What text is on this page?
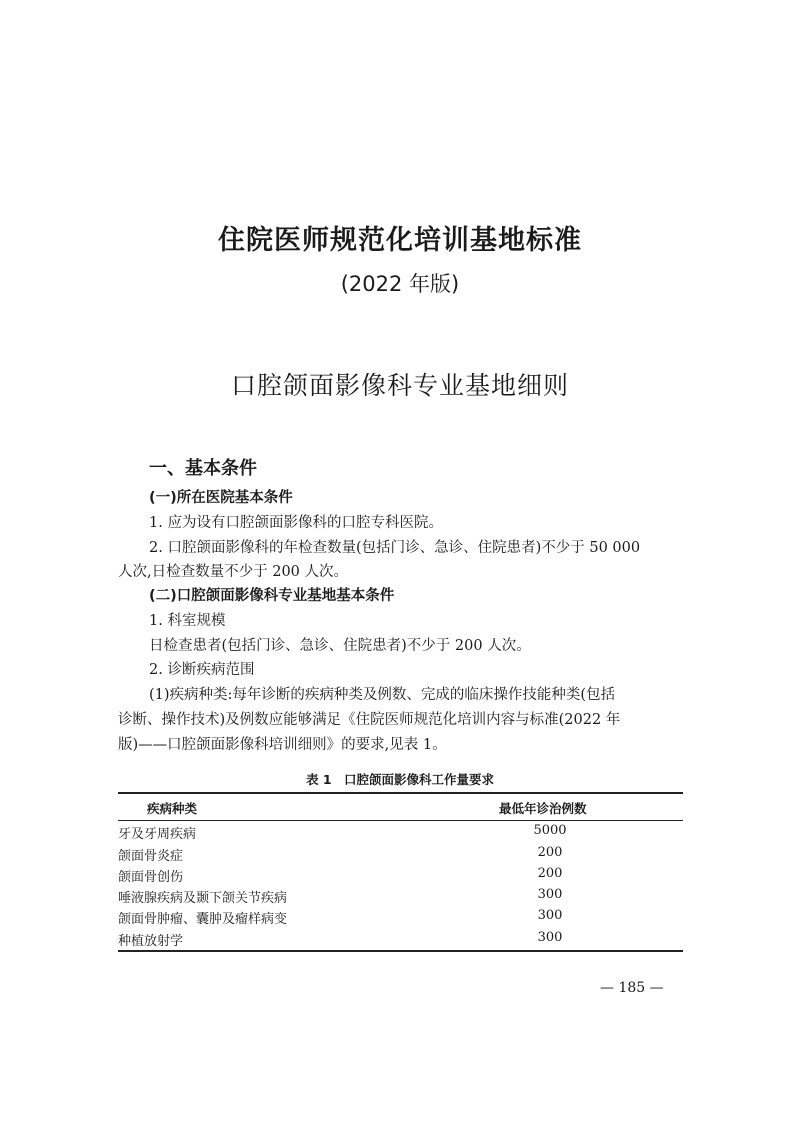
住院医师规范化培训基地标准
(2022 年版)
口腔颌面影像科专业基地细则
一、基本条件
(一)所在医院基本条件
1. 应为设有口腔颌面影像科的口腔专科医院。
2. 口腔颌面影像科的年检查数量(包括门诊、急诊、住院患者)不少于 50 000
人次,日检查数量不少于 200 人次。
(二)口腔颌面影像科专业基地基本条件
1. 科室规模
日检查患者(包括门诊、急诊、住院患者)不少于 200 人次。
2. 诊断疾病范围
(1)疾病种类:每年诊断的疾病种类及例数、完成的临床操作技能种类(包括
诊断、操作技术)及例数应能够满足《住院医师规范化培训内容与标准(2022 年
版)——口腔颌面影像科培训细则》的要求,见表 1。
表 1　口腔颌面影像科工作量要求
疾病种类	最低年诊治例数
牙及牙周疾病	5000
颌面骨炎症	200
颌面骨创伤	200
唾液腺疾病及颞下颌关节疾病	300
颌面骨肿瘤、囊肿及瘤样病变	300
种植放射学	300
— 185 —
